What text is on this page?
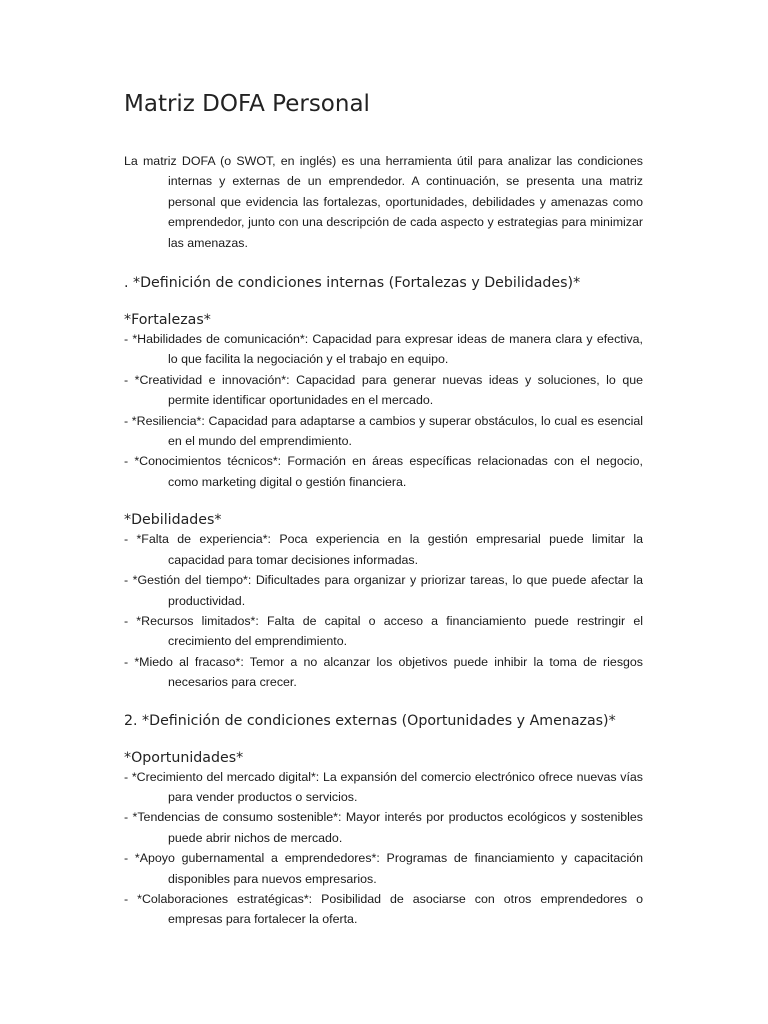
Matriz DOFA Personal

La matriz DOFA (o SWOT, en inglés) es una herramienta útil para analizar las condiciones internas y externas de un emprendedor. A continuación, se presenta una matriz personal que evidencia las fortalezas, oportunidades, debilidades y amenazas como emprendedor, junto con una descripción de cada aspecto y estrategias para minimizar las amenazas.

. *Definición de condiciones internas (Fortalezas y Debilidades)*
*Fortalezas*
- *Habilidades de comunicación*: Capacidad para expresar ideas de manera clara y efectiva, lo que facilita la negociación y el trabajo en equipo.
- *Creatividad e innovación*: Capacidad para generar nuevas ideas y soluciones, lo que permite identificar oportunidades en el mercado.
- *Resiliencia*: Capacidad para adaptarse a cambios y superar obstáculos, lo cual es esencial en el mundo del emprendimiento.
- *Conocimientos técnicos*: Formación en áreas específicas relacionadas con el negocio, como marketing digital o gestión financiera.
*Debilidades*
- *Falta de experiencia*: Poca experiencia en la gestión empresarial puede limitar la capacidad para tomar decisiones informadas.
- *Gestión del tiempo*: Dificultades para organizar y priorizar tareas, lo que puede afectar la productividad.
- *Recursos limitados*: Falta de capital o acceso a financiamiento puede restringir el crecimiento del emprendimiento.
- *Miedo al fracaso*: Temor a no alcanzar los objetivos puede inhibir la toma de riesgos necesarios para crecer.
2. *Definición de condiciones externas (Oportunidades y Amenazas)*
*Oportunidades*
- *Crecimiento del mercado digital*: La expansión del comercio electrónico ofrece nuevas vías para vender productos o servicios.
- *Tendencias de consumo sostenible*: Mayor interés por productos ecológicos y sostenibles puede abrir nichos de mercado.
- *Apoyo gubernamental a emprendedores*: Programas de financiamiento y capacitación disponibles para nuevos empresarios.
- *Colaboraciones estratégicas*: Posibilidad de asociarse con otros emprendedores o empresas para fortalecer la oferta.
